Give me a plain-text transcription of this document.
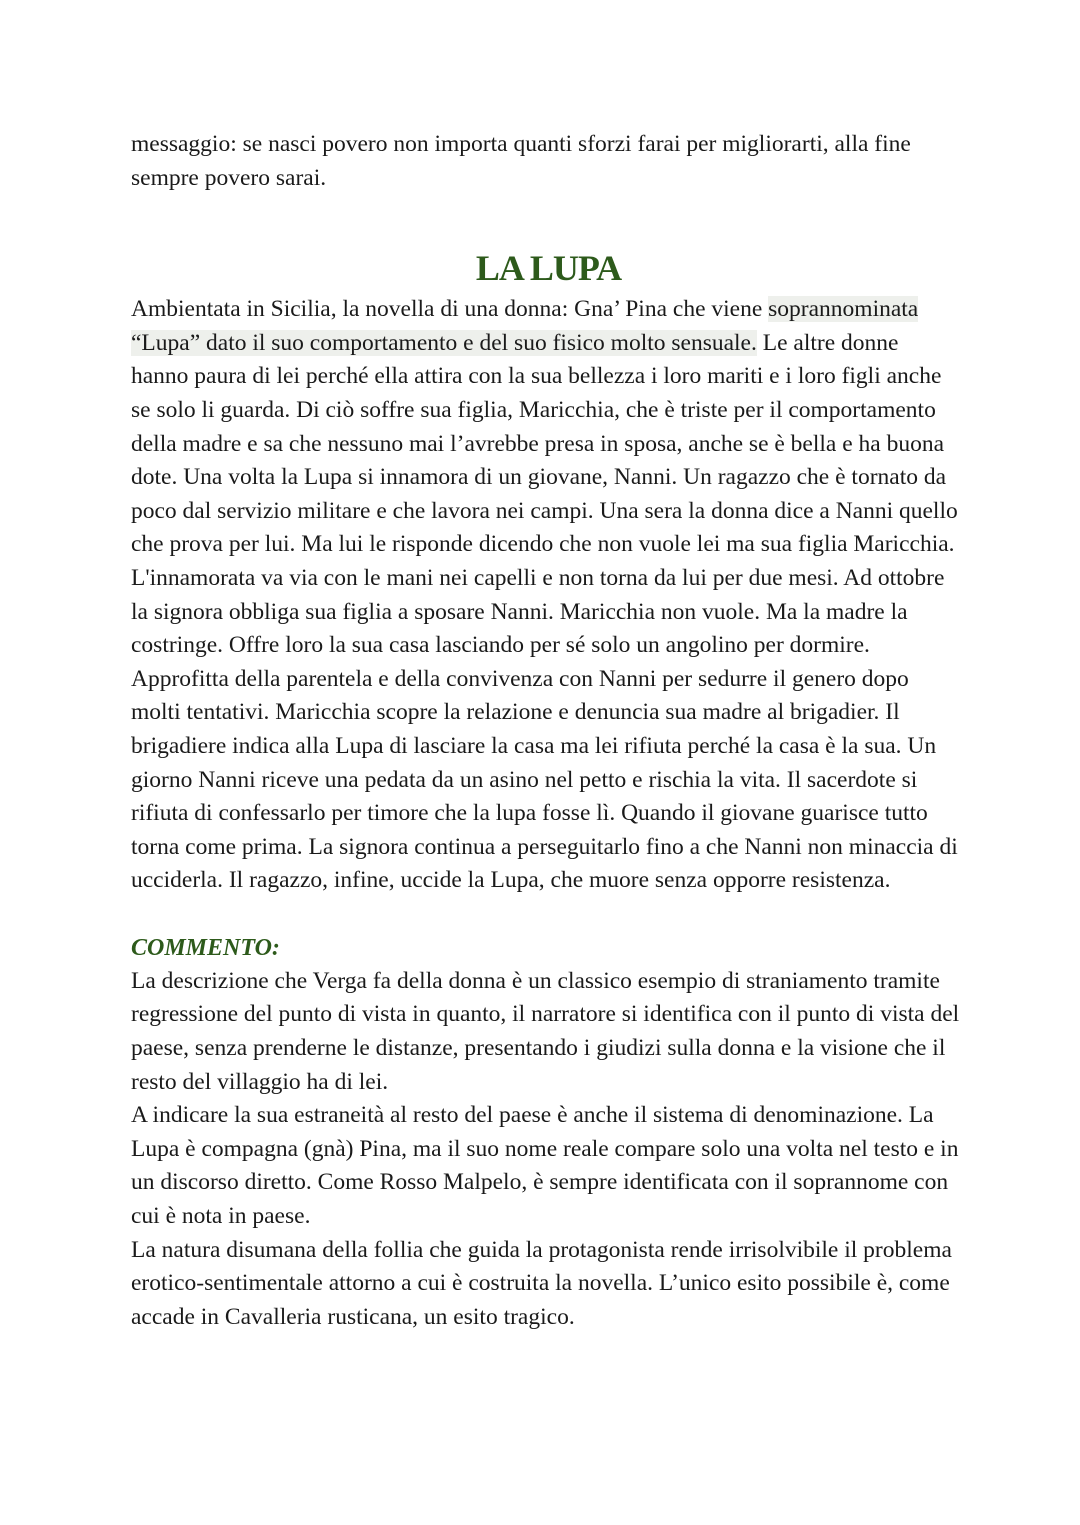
messaggio: se nasci povero non importa quanti sforzi farai per migliorarti, alla fine sempre povero sarai.

LA LUPA

Ambientata in Sicilia, la novella di una donna: Gna’ Pina che viene soprannominata “Lupa” dato il suo comportamento e del suo fisico molto sensuale. Le altre donne hanno paura di lei perché ella attira con la sua bellezza i loro mariti e i loro figli anche se solo li guarda. Di ciò soffre sua figlia, Maricchia, che è triste per il comportamento della madre e sa che nessuno mai l’avrebbe presa in sposa, anche se è bella e ha buona dote. Una volta la Lupa si innamora di un giovane, Nanni. Un ragazzo che è tornato da poco dal servizio militare e che lavora nei campi. Una sera la donna dice a Nanni quello che prova per lui. Ma lui le risponde dicendo che non vuole lei ma sua figlia Maricchia. L'innamorata va via con le mani nei capelli e non torna da lui per due mesi. Ad ottobre la signora obbliga sua figlia a sposare Nanni. Maricchia non vuole. Ma la madre la costringe. Offre loro la sua casa lasciando per sé solo un angolino per dormire. Approfitta della parentela e della convivenza con Nanni per sedurre il genero dopo molti tentativi. Maricchia scopre la relazione e denuncia sua madre al brigadier. Il brigadiere indica alla Lupa di lasciare la casa ma lei rifiuta perché la casa è la sua. Un giorno Nanni riceve una pedata da un asino nel petto e rischia la vita. Il sacerdote si rifiuta di confessarlo per timore che la lupa fosse lì. Quando il giovane guarisce tutto torna come prima. La signora continua a perseguitarlo fino a che Nanni non minaccia di ucciderla. Il ragazzo, infine, uccide la Lupa, che muore senza opporre resistenza.

COMMENTO:

La descrizione che Verga fa della donna è un classico esempio di straniamento tramite regressione del punto di vista in quanto, il narratore si identifica con il punto di vista del paese, senza prenderne le distanze, presentando i giudizi sulla donna e la visione che il resto del villaggio ha di lei.

A indicare la sua estraneità al resto del paese è anche il sistema di denominazione. La Lupa è compagna (gnà) Pina, ma il suo nome reale compare solo una volta nel testo e in un discorso diretto. Come Rosso Malpelo, è sempre identificata con il soprannome con cui è nota in paese.

La natura disumana della follia che guida la protagonista rende irrisolvibile il problema erotico-sentimentale attorno a cui è costruita la novella. L’unico esito possibile è, come accade in Cavalleria rusticana, un esito tragico.
